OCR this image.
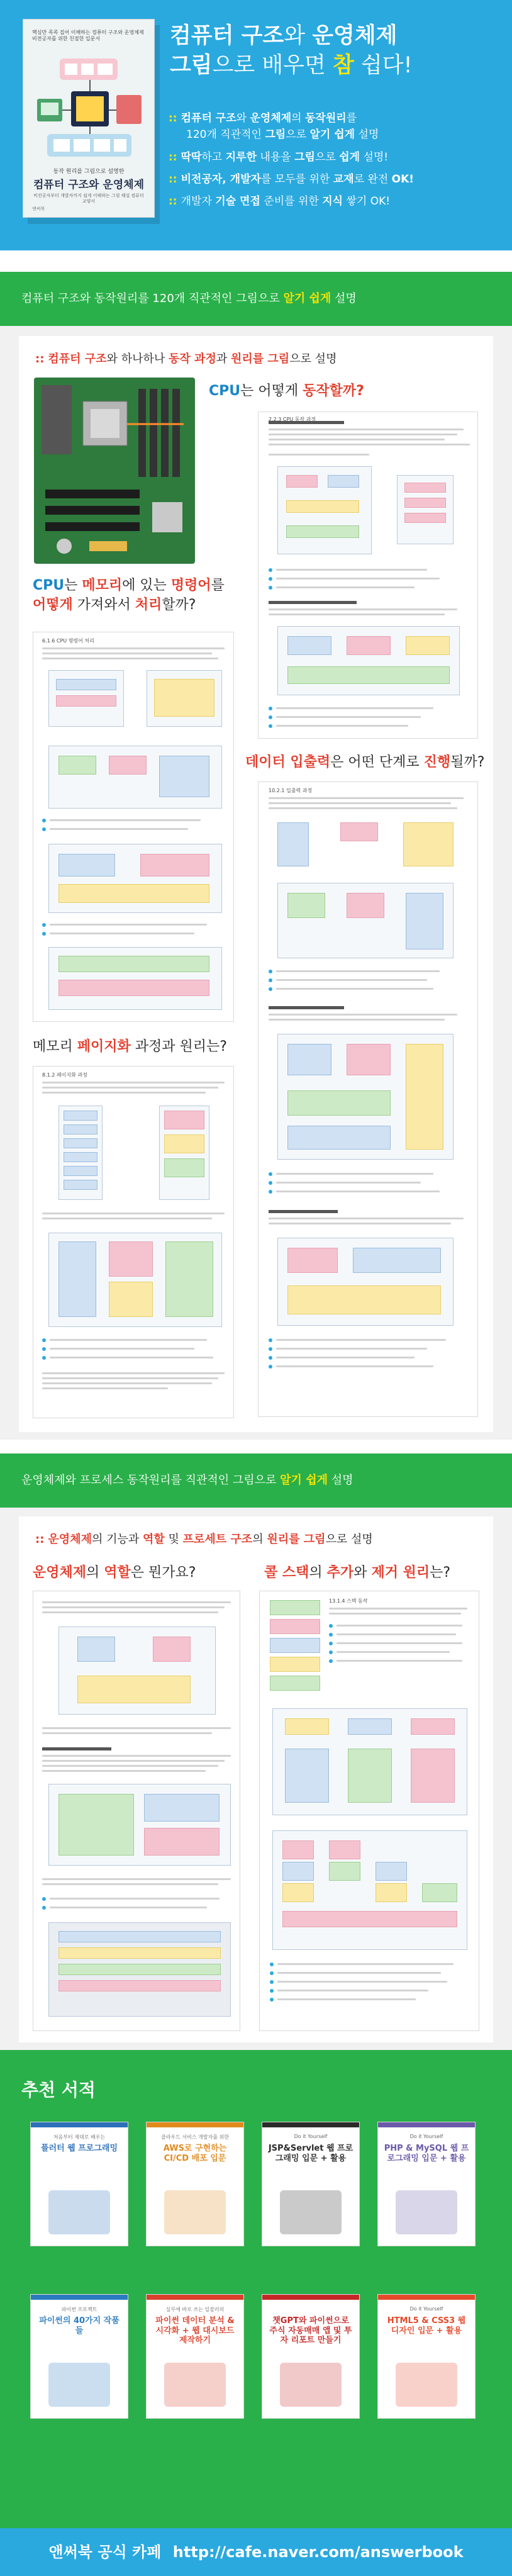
핵심만 콕콕 집어 이해하는 컴퓨터 구조와 운영체제 비전공자를 위한 친절한 입문서
동작 원리를 그림으로 설명한
컴퓨터 구조와 운영체제
비전공자부터 개발자까지 쉽게 이해하는 그림 해설 컴퓨터 교양서
앤써북
컴퓨터 구조와 운영체제
그림으로 배우면 참 쉽다!
:: 컴퓨터 구조와 운영체제의 동작원리를
120개 직관적인 그림으로 알기 쉽게 설명
:: 딱딱하고 지루한 내용을 그림으로 쉽게 설명!
:: 비전공자, 개발자를 모두를 위한 교재로 완전 OK!
:: 개발자 기술 면접 준비를 위한 지식 쌓기 OK!
컴퓨터 구조와 동작원리를 120개 직관적인 그림으로 알기 쉽게 설명
:: 컴퓨터 구조와 하나하나 동작 과정과 원리를 그림으로 설명
CPU는 어떻게 동작할까?
2.2.3 CPU 동작 과정
CPU는 메모리에 있는 명령어를
어떻게 가져와서 처리할까?
6.1.6 CPU 명령어 처리
데이터 입출력은 어떤 단계로 진행될까?
10.2.1 입출력 과정
메모리 페이지화 과정과 원리는?
8.1.2 페이지화 과정
운영체제와 프로세스 동작원리를 직관적인 그림으로 알기 쉽게 설명
:: 운영체제의 기능과 역할 및 프로세트 구조의 원리를 그림으로 설명
운영체제의 역할은 뭔가요?	콜 스택의 추가와 제거 원리는?
13.1.4 스택 동작
추천 서적
처음부터 제대로 배우는
플러터 웹 프로그래밍
클라우드 서비스 개발자를 위한
AWS로 구현하는 CI/CD 배포 입문
Do it Yourself
JSP&Servlet 웹 프로그래밍 입문 + 활용
Do it Yourself
PHP & MySQL 웹 프로그래밍 입문 + 활용
파이썬 프로젝트
파이썬의 40가지 작품들
실무에 바로 쓰는 일잘러의
파이썬 데이터 분석 & 시각화 + 웹 대시보드 제작하기
챗GPT와 파이썬으로 주식 자동매매 앱 및 투자 리포트 만들기
Do it Yourself
HTML5 & CSS3 웹 디자인 입문 + 활용
앤써북 공식 카페 http://cafe.naver.com/answerbook
